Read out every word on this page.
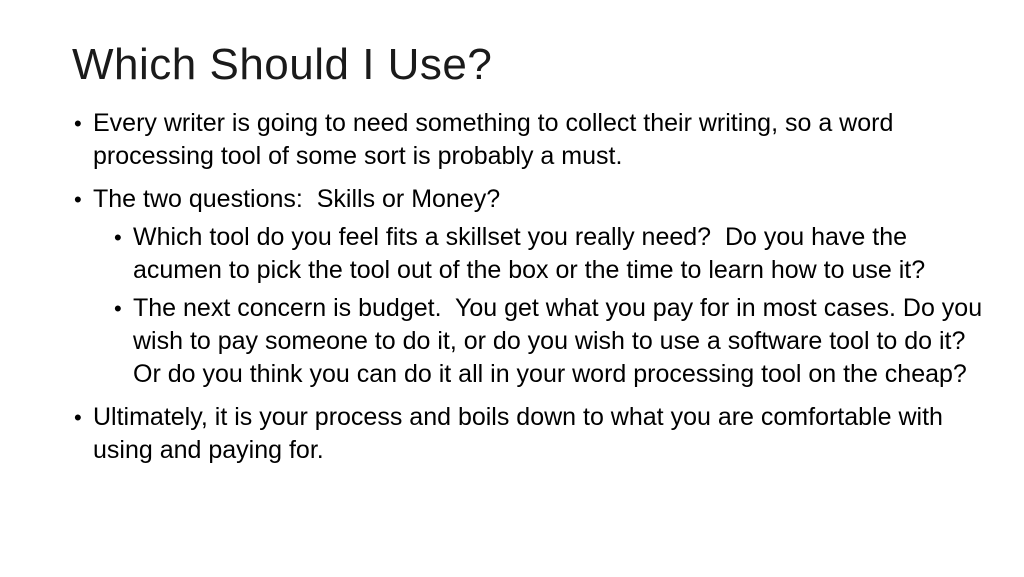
Which Should I Use?
• Every writer is going to need something to collect their writing, so a word processing tool of some sort is probably a must.
• The two questions:  Skills or Money?
• Which tool do you feel fits a skillset you really need?  Do you have the acumen to pick the tool out of the box or the time to learn how to use it?
• The next concern is budget.  You get what you pay for in most cases. Do you wish to pay someone to do it, or do you wish to use a software tool to do it?  Or do you think you can do it all in your word processing tool on the cheap?
• Ultimately, it is your process and boils down to what you are comfortable with using and paying for.
